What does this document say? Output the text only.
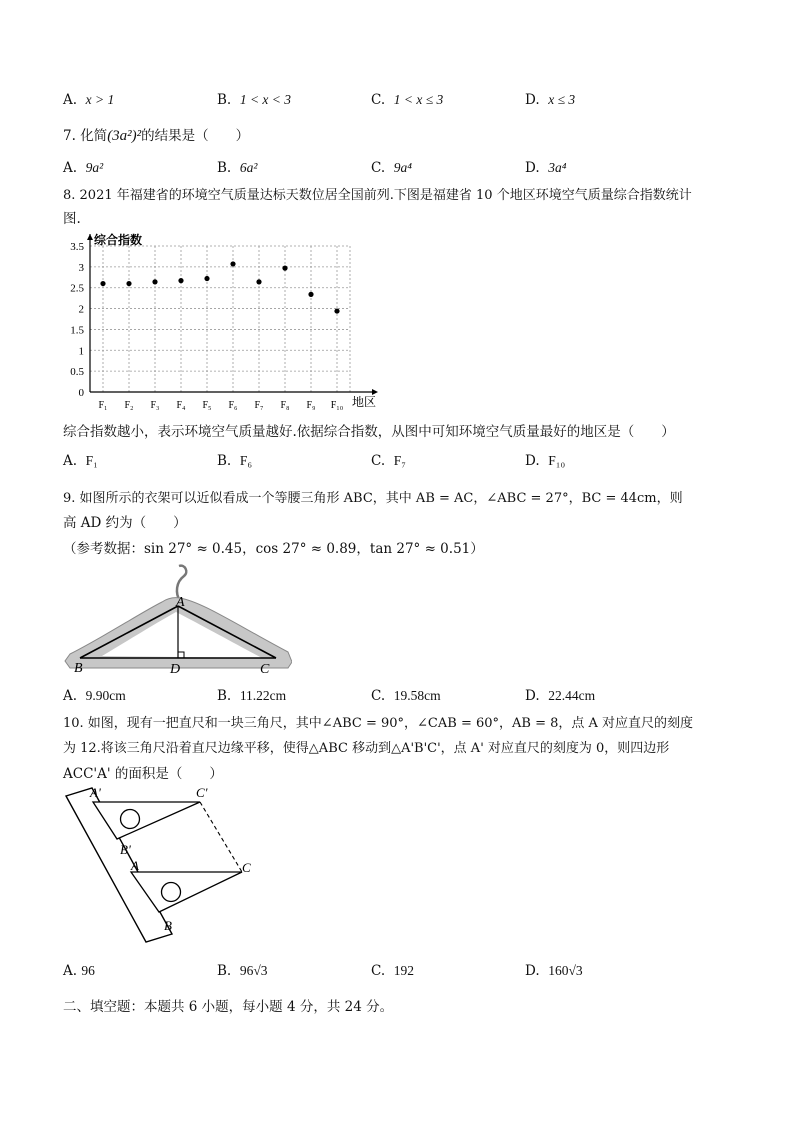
A. x > 1	B. 1 < x < 3	C. 1 < x ≤ 3	D. x ≤ 3
7. 化简(3a²)²的结果是（　　）
A. 9a²	B. 6a²	C. 9a⁴	D. 3a⁴
8. 2021 年福建省的环境空气质量达标天数位居全国前列.下图是福建省 10 个地区环境空气质量综合指数统计
图.
0
0.5
1
1.5
2
2.5
3
3.5
F₁ F₂ F₃ F₄ F₅ F₆ F₇ F₈ F₉ F₁₀
综合指数
地区
综合指数越小，表示环境空气质量越好.依据综合指数，从图中可知环境空气质量最好的地区是（　　）
A. F₁	B. F₆	C. F₇	D. F₁₀
9. 如图所示的衣架可以近似看成一个等腰三角形 ABC，其中 AB = AC，∠ABC = 27°，BC = 44cm，则
高 AD 约为（　　）
（参考数据：sin 27° ≈ 0.45，cos 27° ≈ 0.89，tan 27° ≈ 0.51）
A
B	D	C
A. 9.90cm	B. 11.22cm	C. 19.58cm	D. 22.44cm
10. 如图，现有一把直尺和一块三角尺，其中∠ABC = 90°，∠CAB = 60°，AB = 8，点 A 对应直尺的刻度
为 12.将该三角尺沿着直尺边缘平移，使得△ABC 移动到△A'B'C'，点 A' 对应直尺的刻度为 0，则四边形
ACC'A' 的面积是（　　）
A'	C'
B'
A	C
B
A. 96	B. 96√3	C. 192	D. 160√3
二、填空题：本题共 6 小题，每小题 4 分，共 24 分。
